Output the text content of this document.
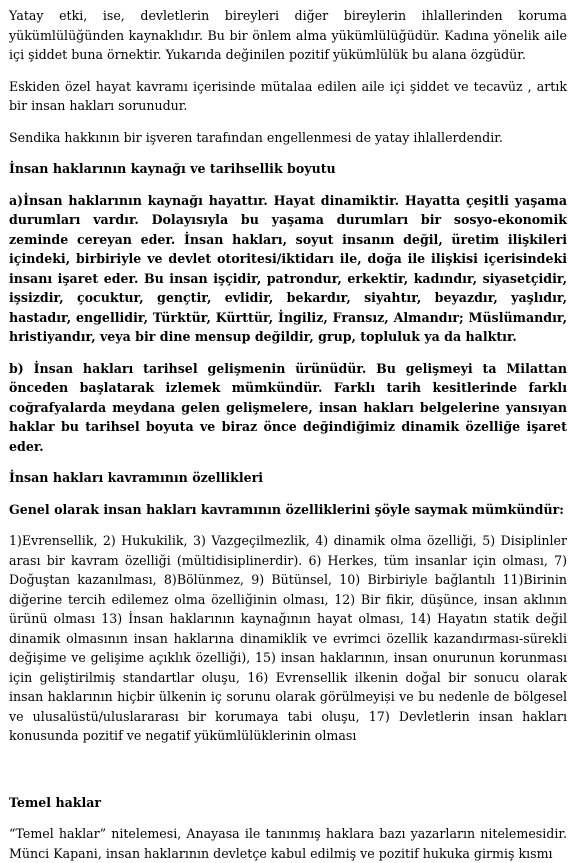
Yatay etki, ise, devletlerin bireyleri diğer bireylerin ihlallerinden koruma yükümlülüğünden kaynaklıdır. Bu bir önlem alma yükümlülüğüdür. Kadına yönelik aile içi şiddet buna örnektir. Yukarıda değinilen pozitif yükümlülük bu alana özgüdür.

Eskiden özel hayat kavramı içerisinde mütalaa edilen aile içi şiddet ve tecavüz , artık bir insan hakları sorunudur.

Sendika hakkının bir işveren tarafından engellenmesi de yatay ihlallerdendir.

İnsan haklarının kaynağı ve tarihsellik boyutu

a)İnsan haklarının kaynağı hayattır. Hayat dinamiktir. Hayatta çeşitli yaşama durumları vardır. Dolayısıyla bu yaşama durumları bir sosyo-ekonomik zeminde cereyan eder. İnsan hakları, soyut insanın değil, üretim ilişkileri içindeki, birbiriyle ve devlet otoritesi/iktidarı ile, doğa ile ilişkisi içerisindeki insanı işaret eder. Bu insan işçidir, patrondur, erkektir, kadındır, siyasetçidir, işsizdir, çocuktur, gençtir, evlidir, bekardır, siyahtır, beyazdır, yaşlıdır, hastadır, engellidir, Türktür, Kürttür, İngiliz, Fransız, Almandır; Müslümandır, hristiyandır, veya bir dine mensup değildir, grup, topluluk ya da halktır.

b) İnsan hakları tarihsel gelişmenin ürünüdür. Bu gelişmeyi ta Milattan önceden başlatarak izlemek mümkündür. Farklı tarih kesitlerinde farklı coğrafyalarda meydana gelen gelişmelere, insan hakları belgelerine yansıyan haklar bu tarihsel boyuta ve biraz önce değindiğimiz dinamik özelliğe işaret eder.

İnsan hakları kavramının özellikleri

Genel olarak insan hakları kavramının özelliklerini şöyle saymak mümkündür:

1)Evrensellik, 2) Hukukilik, 3) Vazgeçilmezlik, 4) dinamik olma özelliği, 5) Disiplinler arası bir kavram özelliği (mültidisiplinerdir). 6) Herkes, tüm insanlar için olması, 7) Doğuştan kazanılması, 8)Bölünmez, 9) Bütünsel, 10) Birbiriyle bağlantılı 11)Birinin diğerine tercih edilemez olma özelliğinin olması, 12) Bir fikir, düşünce, insan aklının ürünü olması 13) İnsan haklarının kaynağının hayat olması, 14) Hayatın statik değil dinamik olmasının insan haklarına dinamiklik ve evrimci özellik kazandırması-sürekli değişime ve gelişime açıklık özelliği), 15) insan haklarının, insan onurunun korunması için geliştirilmiş standartlar oluşu, 16) Evrensellik ilkenin doğal bir sonucu olarak insan haklarının hiçbir ülkenin iç sorunu olarak görülmeyiși ve bu nedenle de bölgesel ve ulusalüstü/uluslararası bir korumaya tabi oluşu, 17) Devletlerin insan hakları konusunda pozitif ve negatif yükümlülüklerinin olması

Temel haklar

“Temel haklar” nitelemesi, Anayasa ile tanınmış haklara bazı yazarların nitelemesidir. Münci Kapani, insan haklarının devletçe kabul edilmiş ve pozitif hukuka girmiş kısmı
